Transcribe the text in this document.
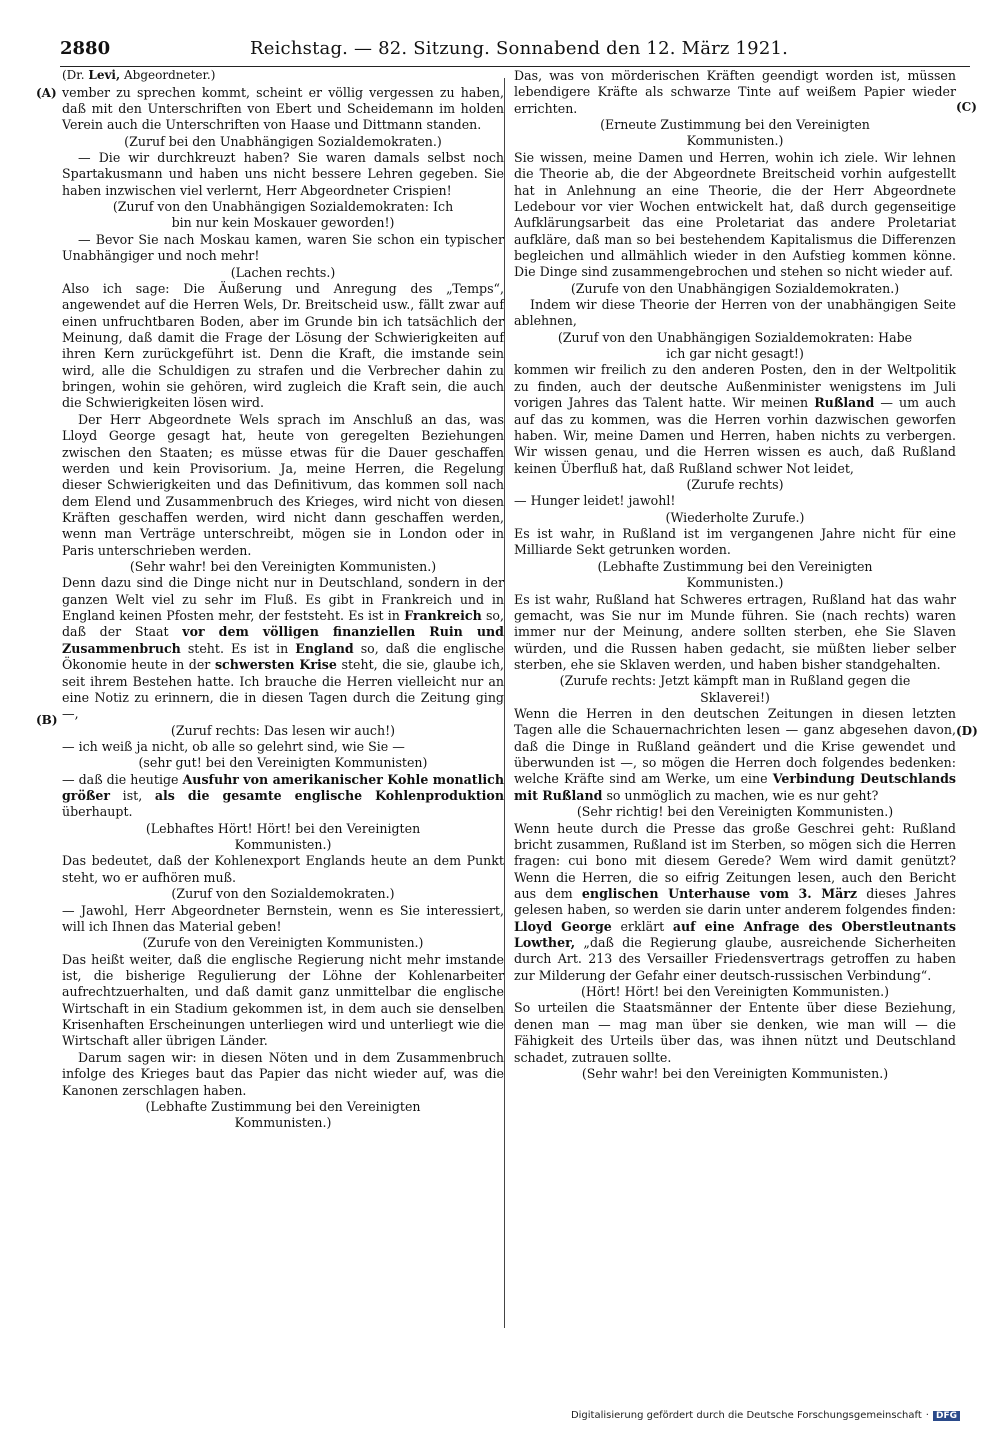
2880	Reichstag. — 82. Sitzung. Sonnabend den 12. März 1921.
(A)
(B)
(C)
(D)
(Dr. Levi, Abgeordneter.)

vember zu sprechen kommt, scheint er völlig vergessen zu haben, daß mit den Unterschriften von Ebert und Scheidemann im holden Verein auch die Unterschriften von Haase und Dittmann standen.

(Zuruf bei den Unabhängigen Sozialdemokraten.)

— Die wir durchkreuzt haben? Sie waren damals selbst noch Spartakusmann und haben uns nicht bessere Lehren gegeben. Sie haben inzwischen viel verlernt, Herr Abgeordneter Crispien!

(Zuruf von den Unabhängigen Sozialdemokraten: Ich bin nur kein Moskauer geworden!)

— Bevor Sie nach Moskau kamen, waren Sie schon ein typischer Unabhängiger und noch mehr!

(Lachen rechts.)

Also ich sage: Die Äußerung und Anregung des „Temps“, angewendet auf die Herren Wels, Dr. Breitscheid usw., fällt zwar auf einen unfruchtbaren Boden, aber im Grunde bin ich tatsächlich der Meinung, daß damit die Frage der Lösung der Schwierigkeiten auf ihren Kern zurückgeführt ist. Denn die Kraft, die imstande sein wird, alle die Schuldigen zu strafen und die Verbrecher dahin zu bringen, wohin sie gehören, wird zugleich die Kraft sein, die auch die Schwierigkeiten lösen wird.

Der Herr Abgeordnete Wels sprach im Anschluß an das, was Lloyd George gesagt hat, heute von geregelten Beziehungen zwischen den Staaten; es müsse etwas für die Dauer geschaffen werden und kein Provisorium. Ja, meine Herren, die Regelung dieser Schwierigkeiten und das Definitivum, das kommen soll nach dem Elend und Zusammenbruch des Krieges, wird nicht von diesen Kräften geschaffen werden, wird nicht dann geschaffen werden, wenn man Verträge unterschreibt, mögen sie in London oder in Paris unterschrieben werden.

(Sehr wahr! bei den Vereinigten Kommunisten.)

Denn dazu sind die Dinge nicht nur in Deutschland, sondern in der ganzen Welt viel zu sehr im Fluß. Es gibt in Frankreich und in England keinen Pfosten mehr, der feststeht. Es ist in Frankreich so, daß der Staat vor dem völligen finanziellen Ruin und Zusammenbruch steht. Es ist in England so, daß die englische Ökonomie heute in der schwersten Krise steht, die sie, glaube ich, seit ihrem Bestehen hatte. Ich brauche die Herren vielleicht nur an eine Notiz zu erinnern, die in diesen Tagen durch die Zeitung ging —,

(Zuruf rechts: Das lesen wir auch!)

— ich weiß ja nicht, ob alle so gelehrt sind, wie Sie —

(sehr gut! bei den Vereinigten Kommunisten)

— daß die heutige Ausfuhr von amerikanischer Kohle monatlich größer ist, als die gesamte englische Kohlenproduktion überhaupt.

(Lebhaftes Hört! Hört! bei den Vereinigten Kommunisten.)

Das bedeutet, daß der Kohlenexport Englands heute an dem Punkt steht, wo er aufhören muß.

(Zuruf von den Sozialdemokraten.)

— Jawohl, Herr Abgeordneter Bernstein, wenn es Sie interessiert, will ich Ihnen das Material geben!

(Zurufe von den Vereinigten Kommunisten.)

Das heißt weiter, daß die englische Regierung nicht mehr imstande ist, die bisherige Regulierung der Löhne der Kohlenarbeiter aufrechtzuerhalten, und daß damit ganz unmittelbar die englische Wirtschaft in ein Stadium gekommen ist, in dem auch sie denselben Krisenhaften Erscheinungen unterliegen wird und unterliegt wie die Wirtschaft aller übrigen Länder.

Darum sagen wir: in diesen Nöten und in dem Zusammenbruch infolge des Krieges baut das Papier das nicht wieder auf, was die Kanonen zerschlagen haben.

(Lebhafte Zustimmung bei den Vereinigten Kommunisten.)

Das, was von mörderischen Kräften geendigt worden ist, müssen lebendigere Kräfte als schwarze Tinte auf weißem Papier wieder errichten.

(Erneute Zustimmung bei den Vereinigten Kommunisten.)

Sie wissen, meine Damen und Herren, wohin ich ziele. Wir lehnen die Theorie ab, die der Abgeordnete Breitscheid vorhin aufgestellt hat in Anlehnung an eine Theorie, die der Herr Abgeordnete Ledebour vor vier Wochen entwickelt hat, daß durch gegenseitige Aufklärungsarbeit das eine Proletariat das andere Proletariat aufkläre, daß man so bei bestehendem Kapitalismus die Differenzen begleichen und allmählich wieder in den Aufstieg kommen könne. Die Dinge sind zusammengebrochen und stehen so nicht wieder auf.

(Zurufe von den Unabhängigen Sozialdemokraten.)

Indem wir diese Theorie der Herren von der unabhängigen Seite ablehnen,

(Zuruf von den Unabhängigen Sozialdemokraten: Habe ich gar nicht gesagt!)

kommen wir freilich zu den anderen Posten, den in der Weltpolitik zu finden, auch der deutsche Außenminister wenigstens im Juli vorigen Jahres das Talent hatte. Wir meinen Rußland — um auch auf das zu kommen, was die Herren vorhin dazwischen geworfen haben. Wir, meine Damen und Herren, haben nichts zu verbergen. Wir wissen genau, und die Herren wissen es auch, daß Rußland keinen Überfluß hat, daß Rußland schwer Not leidet,

(Zurufe rechts)

— Hunger leidet! jawohl!

(Wiederholte Zurufe.)

Es ist wahr, in Rußland ist im vergangenen Jahre nicht für eine Milliarde Sekt getrunken worden.

(Lebhafte Zustimmung bei den Vereinigten Kommunisten.)

Es ist wahr, Rußland hat Schweres ertragen, Rußland hat das wahr gemacht, was Sie nur im Munde führen. Sie (nach rechts) waren immer nur der Meinung, andere sollten sterben, ehe Sie Slaven würden, und die Russen haben gedacht, sie müßten lieber selber sterben, ehe sie Sklaven werden, und haben bisher standgehalten.

(Zurufe rechts: Jetzt kämpft man in Rußland gegen die Sklaverei!)

Wenn die Herren in den deutschen Zeitungen in diesen letzten Tagen alle die Schauernachrichten lesen — ganz abgesehen davon, daß die Dinge in Rußland geändert und die Krise gewendet und überwunden ist —, so mögen die Herren doch folgendes bedenken: welche Kräfte sind am Werke, um eine Verbindung Deutschlands mit Rußland so unmöglich zu machen, wie es nur geht?

(Sehr richtig! bei den Vereinigten Kommunisten.)

Wenn heute durch die Presse das große Geschrei geht: Rußland bricht zusammen, Rußland ist im Sterben, so mögen sich die Herren fragen: cui bono mit diesem Gerede? Wem wird damit genützt? Wenn die Herren, die so eifrig Zeitungen lesen, auch den Bericht aus dem englischen Unterhause vom 3. März dieses Jahres gelesen haben, so werden sie darin unter anderem folgendes finden: Lloyd George erklärt auf eine Anfrage des Oberstleutnants Lowther, „daß die Regierung glaube, ausreichende Sicherheiten durch Art. 213 des Versailler Friedensvertrags getroffen zu haben zur Milderung der Gefahr einer deutsch-russischen Verbindung“.

(Hört! Hört! bei den Vereinigten Kommunisten.)

So urteilen die Staatsmänner der Entente über diese Beziehung, denen man — mag man über sie denken, wie man will — die Fähigkeit des Urteils über das, was ihnen nützt und Deutschland schadet, zutrauen sollte.

(Sehr wahr! bei den Vereinigten Kommunisten.)

Digitalisierung gefördert durch die Deutsche Forschungsgemeinschaft · DFG
